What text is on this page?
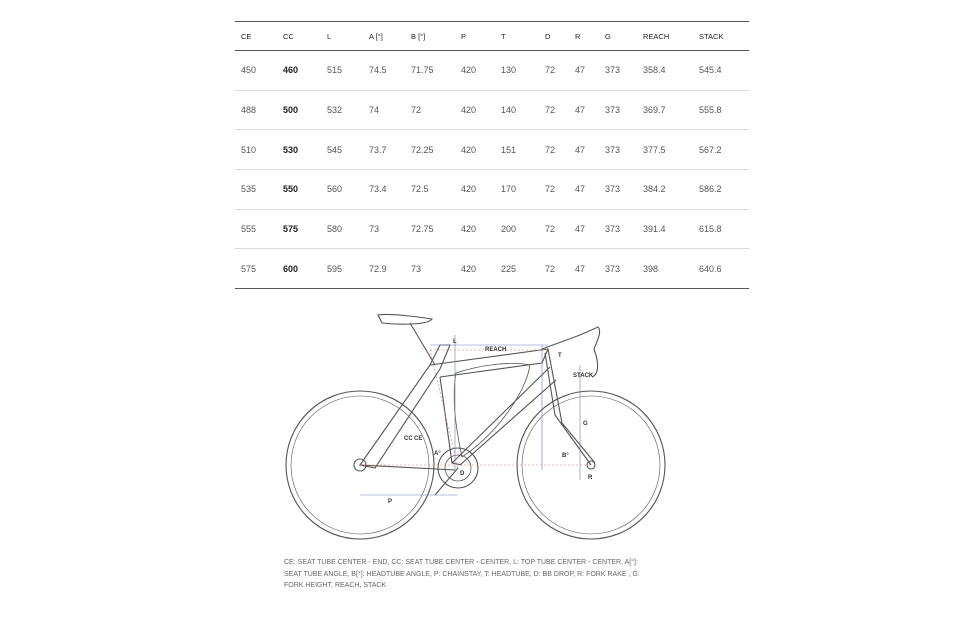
CE	CC	L	A [°]	B [°]	P	T	D	R	G	REACH	STACK
450	460	515	74.5	71.75	420	130	72	47	373	358.4	545.4
488	500	532	74	72	420	140	72	47	373	369.7	555.8
510	530	545	73.7	72.25	420	151	72	47	373	377.5	567.2
535	550	560	73.4	72.5	420	170	72	47	373	384.2	586.2
555	575	580	73	72.75	420	200	72	47	373	391.4	615.8
575	600	595	72.9	73	420	225	72	47	373	398	640.6
L
REACH
T
STACK
G
B°
R
CC CE
A°
D
P
CE: SEAT TUBE CENTER - END, CC: SEAT TUBE CENTER - CENTER, L: TOP TUBE CENTER - CENTER, A[°]: SEAT TUBE ANGLE, B[°]: HEADTUBE ANGLE, P: CHAINSTAY, T: HEADTUBE, D: BB DROP, R: FORK RAKE , G: FORK HEIGHT, REACH, STACK
